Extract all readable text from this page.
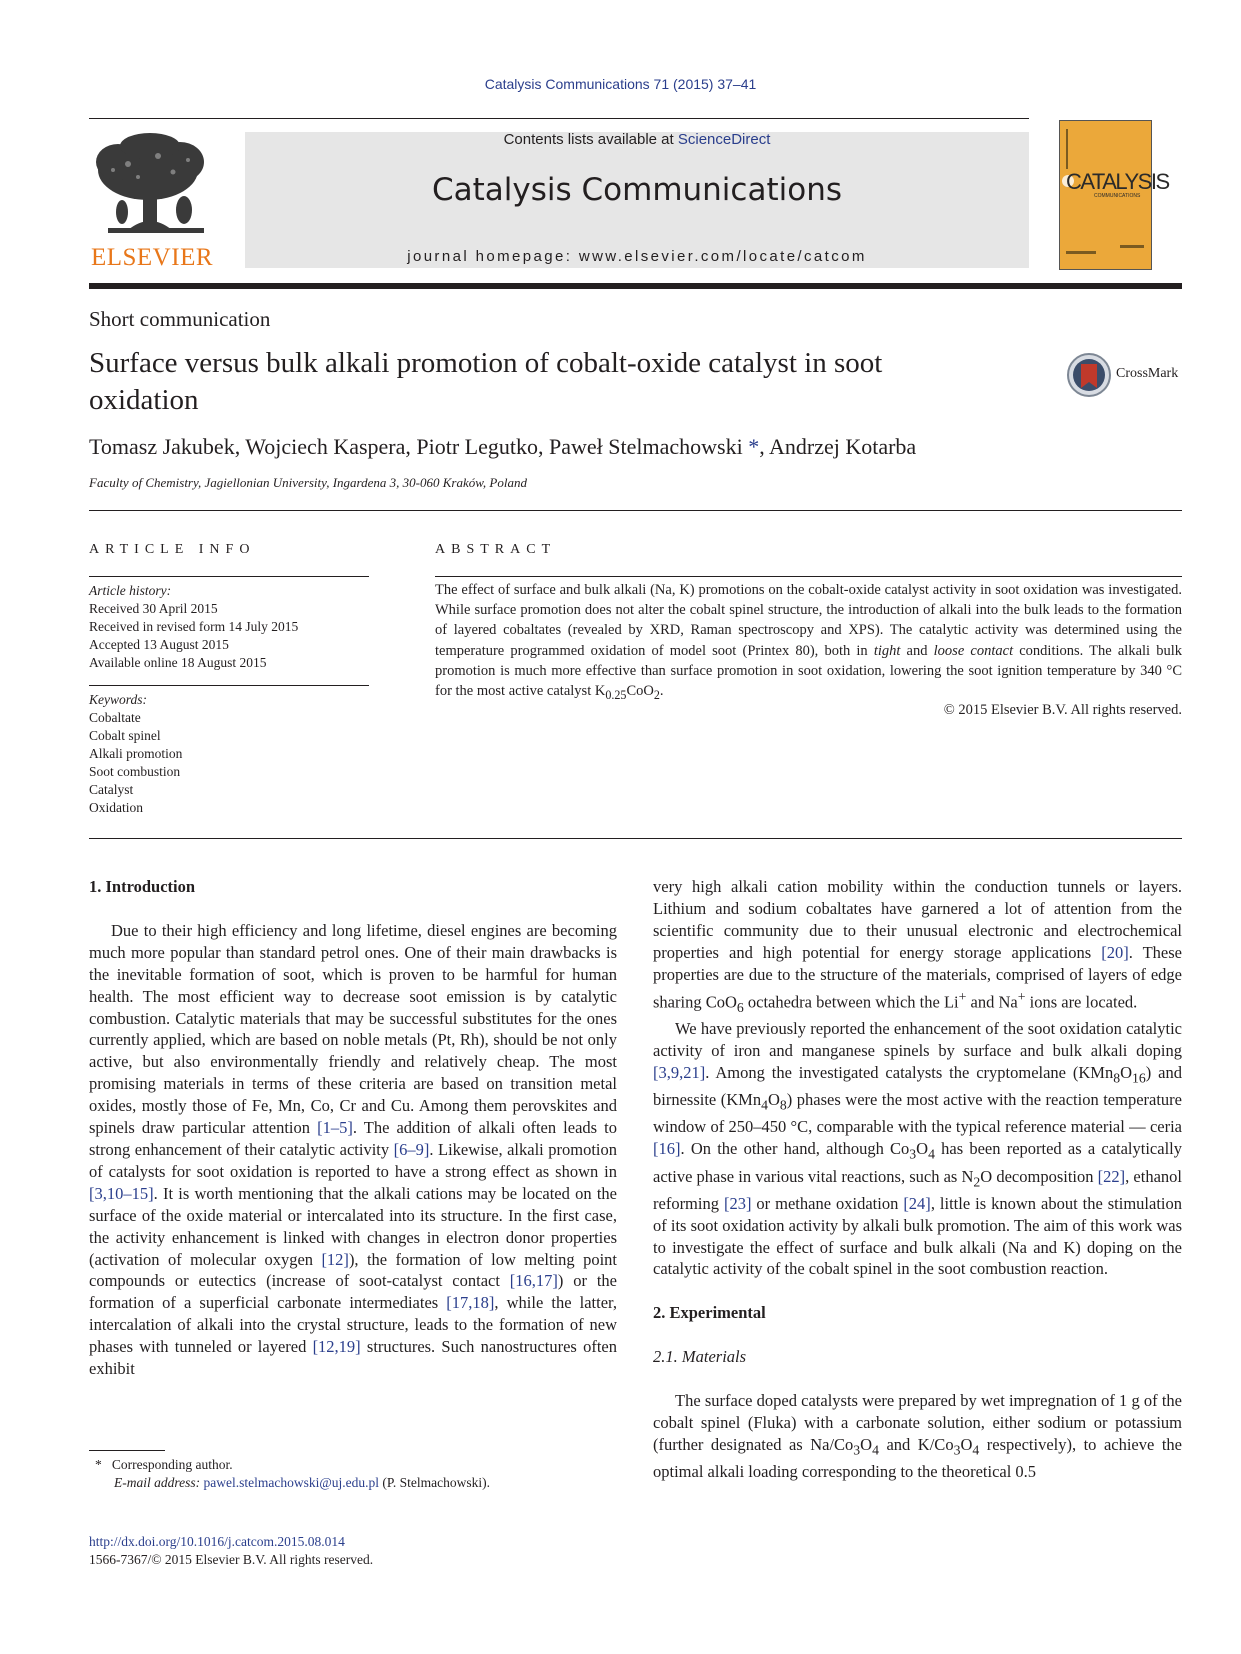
Catalysis Communications 71 (2015) 37–41
ELSEVIER
Contents lists available at ScienceDirect
Catalysis Communications
journal homepage: www.elsevier.com/locate/catcom
CATALYSIS
COMMUNICATIONS
Short communication
Surface versus bulk alkali promotion of cobalt-oxide catalyst in soot oxidation
CrossMark
Tomasz Jakubek, Wojciech Kaspera, Piotr Legutko, Paweł Stelmachowski *, Andrzej Kotarba
Faculty of Chemistry, Jagiellonian University, Ingardena 3, 30-060 Kraków, Poland
ARTICLE INFO	ABSTRACT
Article history:
Received 30 April 2015
Received in revised form 14 July 2015
Accepted 13 August 2015
Available online 18 August 2015
Keywords:
Cobaltate
Cobalt spinel
Alkali promotion
Soot combustion
Catalyst
Oxidation
The effect of surface and bulk alkali (Na, K) promotions on the cobalt-oxide catalyst activity in soot oxidation was investigated. While surface promotion does not alter the cobalt spinel structure, the introduction of alkali into the bulk leads to the formation of layered cobaltates (revealed by XRD, Raman spectroscopy and XPS). The catalytic activity was determined using the temperature programmed oxidation of model soot (Printex 80), both in tight and loose contact conditions. The alkali bulk promotion is much more effective than surface promotion in soot oxidation, lowering the soot ignition temperature by 340 °C for the most active catalyst $K_{0.25}CoO_2$.
© 2015 Elsevier B.V. All rights reserved.
1. Introduction

Due to their high efficiency and long lifetime, diesel engines are becoming much more popular than standard petrol ones. One of their main drawbacks is the inevitable formation of soot, which is proven to be harmful for human health. The most efficient way to decrease soot emission is by catalytic combustion. Catalytic materials that may be successful substitutes for the ones currently applied, which are based on noble metals (Pt, Rh), should be not only active, but also environmentally friendly and relatively cheap. The most promising materials in terms of these criteria are based on transition metal oxides, mostly those of Fe, Mn, Co, Cr and Cu. Among them perovskites and spinels draw particular attention [1–5]. The addition of alkali often leads to strong enhancement of their catalytic activity [6–9]. Likewise, alkali promotion of catalysts for soot oxidation is reported to have a strong effect as shown in [3,10–15]. It is worth mentioning that the alkali cations may be located on the surface of the oxide material or intercalated into its structure. In the first case, the activity enhancement is linked with changes in electron donor properties (activation of molecular oxygen [12]), the formation of low melting point compounds or eutectics (increase of soot-catalyst contact [16,17]) or the formation of a superficial carbonate intermediates [17,18], while the latter, intercalation of alkali into the crystal structure, leads to the formation of new phases with tunneled or layered [12,19] structures. Such nanostructures often exhibit

very high alkali cation mobility within the conduction tunnels or layers. Lithium and sodium cobaltates have garnered a lot of attention from the scientific community due to their unusual electronic and electrochemical properties and high potential for energy storage applications [20]. These properties are due to the structure of the materials, comprised of layers of edge sharing CoO$_6$ octahedra between which the Li+ and Na+ ions are located.

We have previously reported the enhancement of the soot oxidation catalytic activity of iron and manganese spinels by surface and bulk alkali doping [3,9,21]. Among the investigated catalysts the cryptomelane $(KMn_8O_{16})$ and birnessite $(KMn_4O_8)$ phases were the most active with the reaction temperature window of 250–450 °C, comparable with the typical reference material — ceria [16]. On the other hand, although $Co_3O_4$ has been reported as a catalytically active phase in various vital reactions, such as $N_2O$ decomposition [22], ethanol reforming [23] or methane oxidation [24], little is known about the stimulation of its soot oxidation activity by alkali bulk promotion. The aim of this work was to investigate the effect of surface and bulk alkali (Na and K) doping on the catalytic activity of the cobalt spinel in the soot combustion reaction.

2. Experimental
2.1. Materials

The surface doped catalysts were prepared by wet impregnation of 1 g of the cobalt spinel (Fluka) with a carbonate solution, either sodium or potassium (further designated as $Na/Co_3O_4$ and $K/Co_3O_4$ respectively), to achieve the optimal alkali loading corresponding to the theoretical 0.5

* Corresponding author.
E-mail address: pawel.stelmachowski@uj.edu.pl (P. Stelmachowski).
http://dx.doi.org/10.1016/j.catcom.2015.08.014
1566-7367/© 2015 Elsevier B.V. All rights reserved.
